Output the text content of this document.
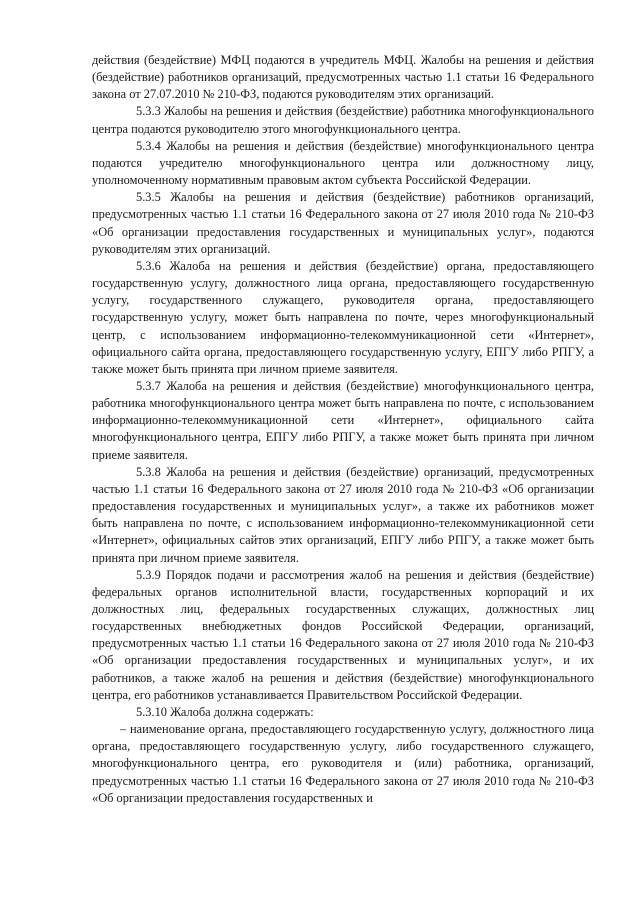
действия (бездействие) МФЦ подаются в учредитель МФЦ. Жалобы на решения и действия (бездействие) работников организаций, предусмотренных частью 1.1 статьи 16 Федерального закона от 27.07.2010 № 210-ФЗ, подаются руководителям этих организаций.

5.3.3 Жалобы на решения и действия (бездействие) работника многофункционального центра подаются руководителю этого многофункционального центра.

5.3.4 Жалобы на решения и действия (бездействие) многофункционального центра подаются учредителю многофункционального центра или должностному лицу, уполномоченному нормативным правовым актом субъекта Российской Федерации.

5.3.5 Жалобы на решения и действия (бездействие) работников организаций, предусмотренных частью 1.1 статьи 16 Федерального закона от 27 июля 2010 года № 210-ФЗ «Об организации предоставления государственных и муниципальных услуг», подаются руководителям этих организаций.

5.3.6 Жалоба на решения и действия (бездействие) органа, предоставляющего государственную услугу, должностного лица органа, предоставляющего государственную услугу, государственного служащего, руководителя органа, предоставляющего государственную услугу, может быть направлена по почте, через многофункциональный центр, с использованием информационно-телекоммуникационной сети «Интернет», официального сайта органа, предоставляющего государственную услугу, ЕПГУ либо РПГУ, а также может быть принята при личном приеме заявителя.

5.3.7 Жалоба на решения и действия (бездействие) многофункционального центра, работника многофункционального центра может быть направлена по почте, с использованием информационно-телекоммуникационной сети «Интернет», официального сайта многофункционального центра, ЕПГУ либо РПГУ, а также может быть принята при личном приеме заявителя.

5.3.8 Жалоба на решения и действия (бездействие) организаций, предусмотренных частью 1.1 статьи 16 Федерального закона от 27 июля 2010 года № 210-ФЗ «Об организации предоставления государственных и муниципальных услуг», а также их работников может быть направлена по почте, с использованием информационно-телекоммуникационной сети «Интернет», официальных сайтов этих организаций, ЕПГУ либо РПГУ, а также может быть принята при личном приеме заявителя.

5.3.9 Порядок подачи и рассмотрения жалоб на решения и действия (бездействие) федеральных органов исполнительной власти, государственных корпораций и их должностных лиц, федеральных государственных служащих, должностных лиц государственных внебюджетных фондов Российской Федерации, организаций, предусмотренных частью 1.1 статьи 16 Федерального закона от 27 июля 2010 года № 210-ФЗ «Об организации предоставления государственных и муниципальных услуг», и их работников, а также жалоб на решения и действия (бездействие) многофункционального центра, его работников устанавливается Правительством Российской Федерации.

5.3.10 Жалоба должна содержать:

– наименование органа, предоставляющего государственную услугу, должностного лица органа, предоставляющего государственную услугу, либо государственного служащего, многофункционального центра, его руководителя и (или) работника, организаций, предусмотренных частью 1.1 статьи 16 Федерального закона от 27 июля 2010 года № 210-ФЗ «Об организации предоставления государственных и
